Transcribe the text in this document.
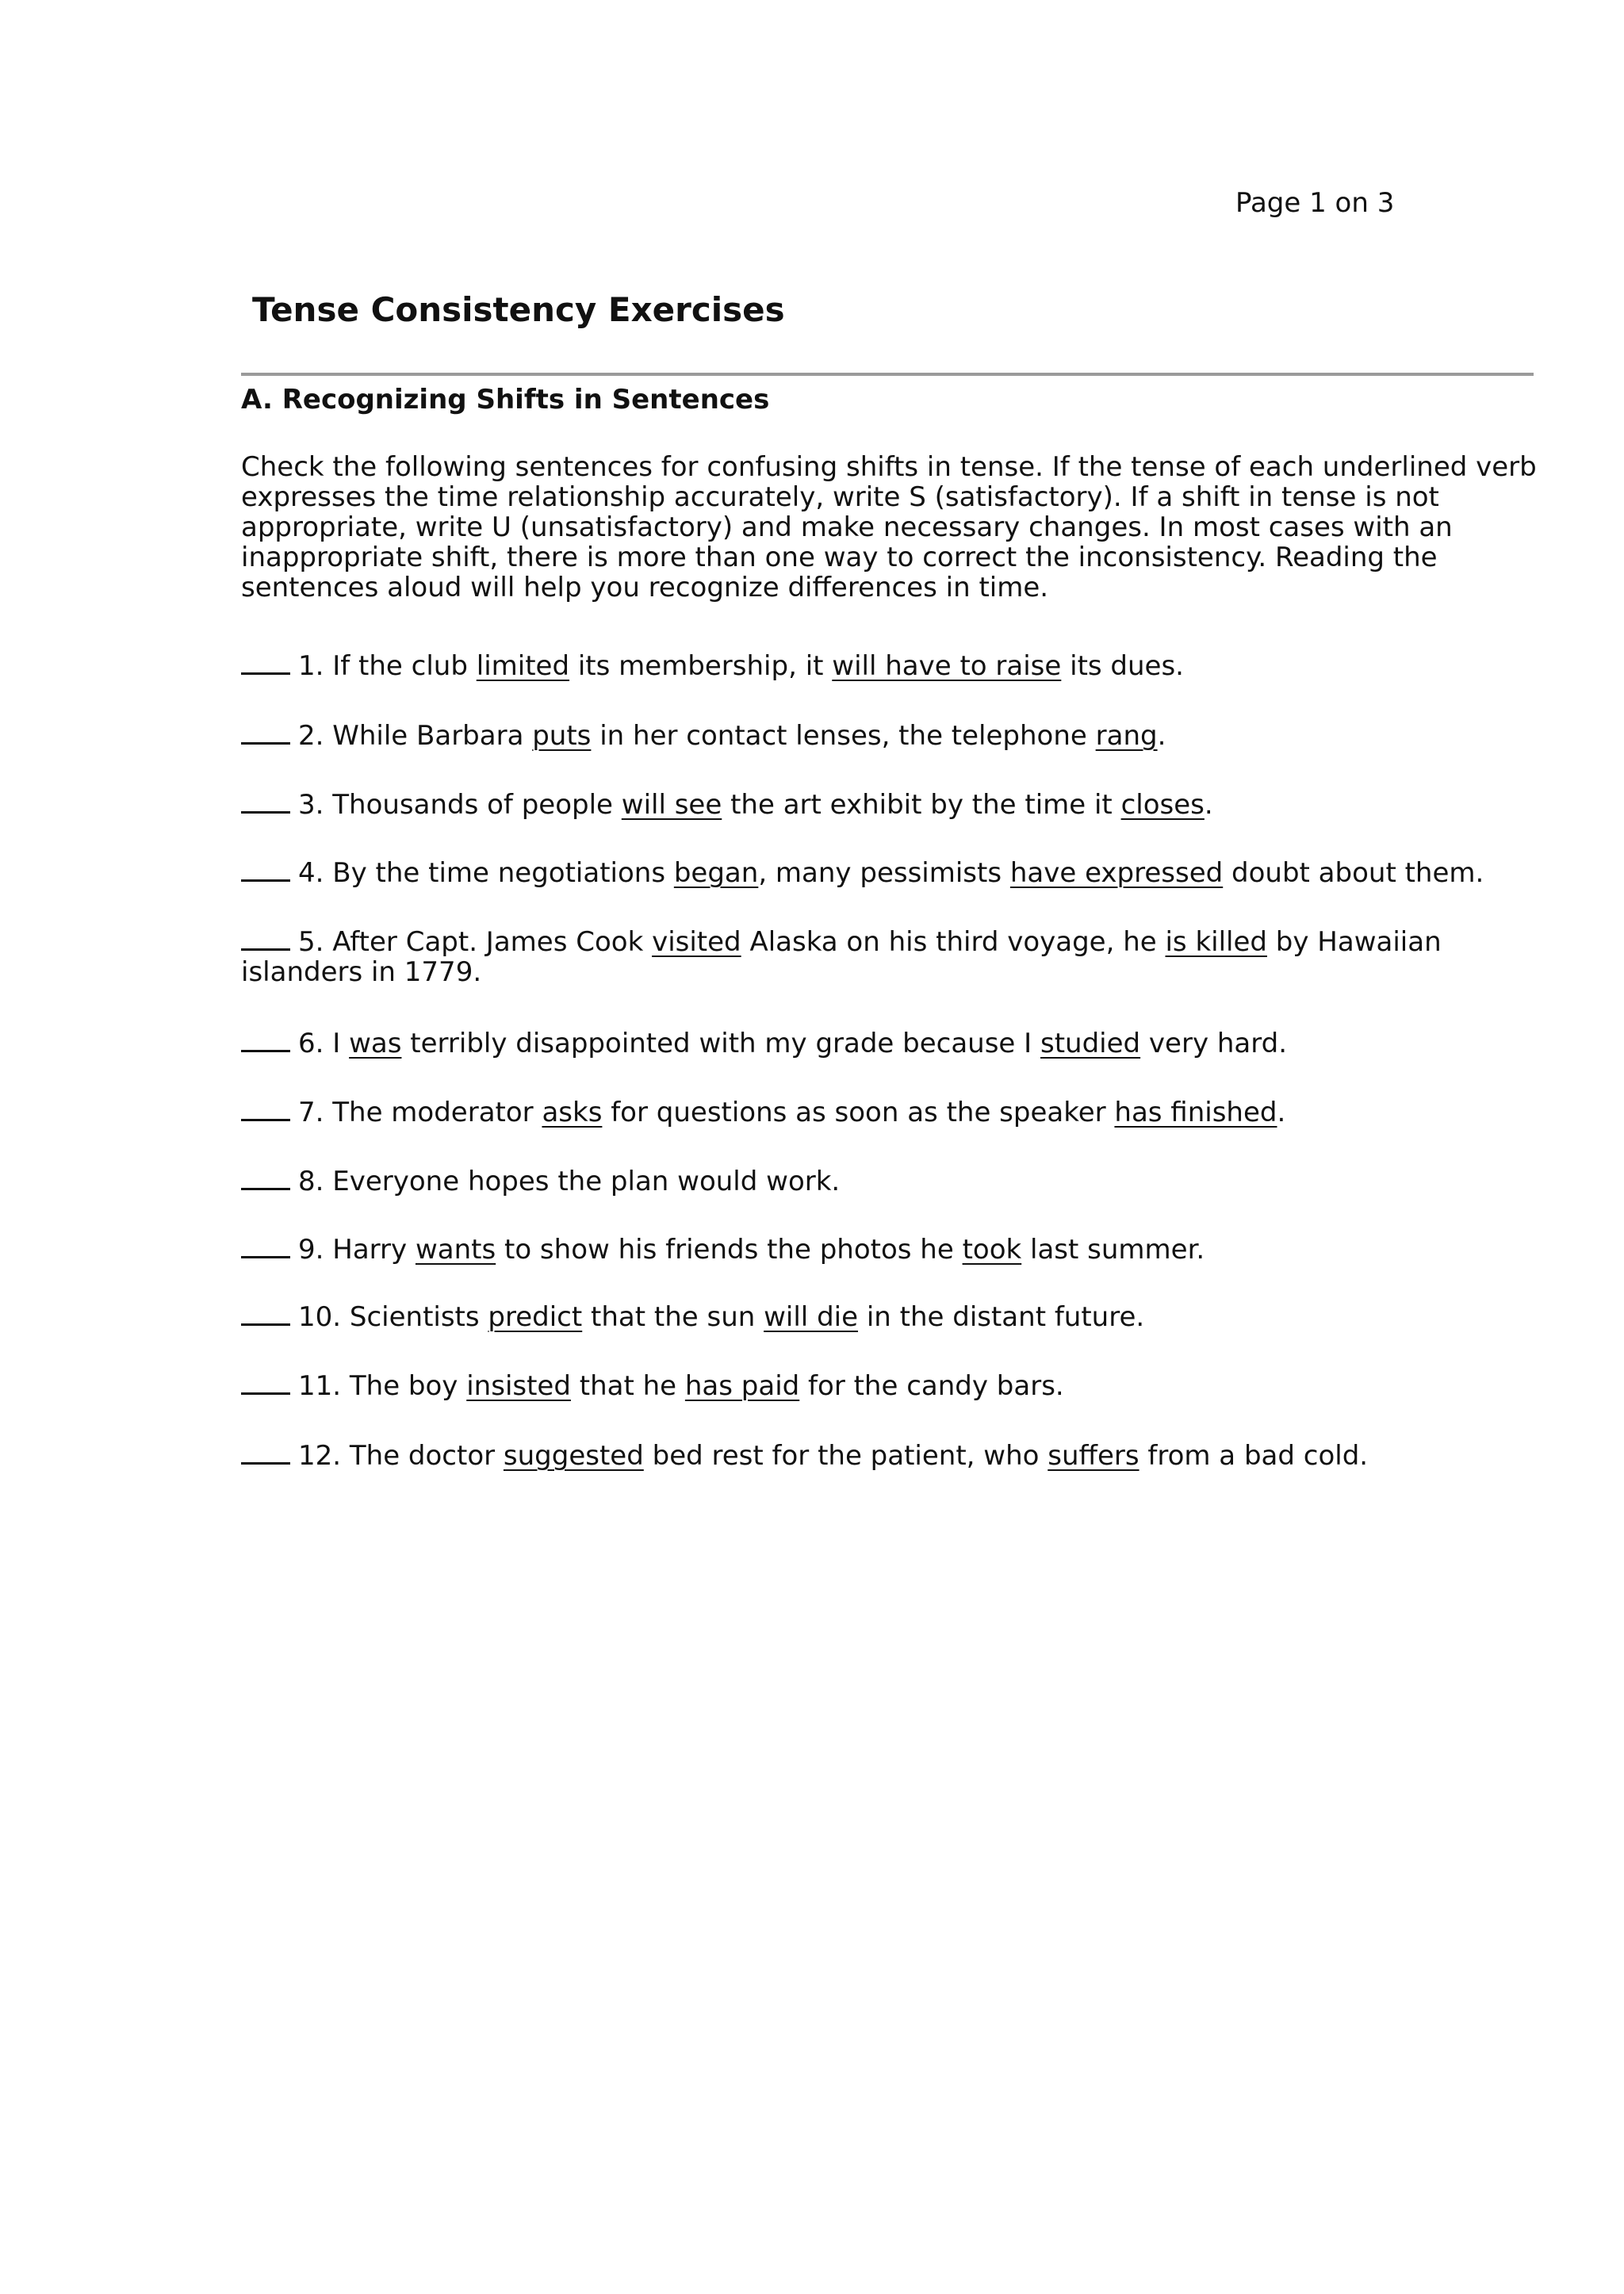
Page 1 on 3
Tense Consistency Exercises
A. Recognizing Shifts in Sentences

Check the following sentences for confusing shifts in tense. If the tense of each underlined verb expresses the time relationship accurately, write S (satisfactory). If a shift in tense is not appropriate, write U (unsatisfactory) and make necessary changes. In most cases with an inappropriate shift, there is more than one way to correct the inconsistency. Reading the sentences aloud will help you recognize differences in time.

1. If the club limited its membership, it will have to raise its dues.
2. While Barbara puts in her contact lenses, the telephone rang.
3. Thousands of people will see the art exhibit by the time it closes.
4. By the time negotiations began, many pessimists have expressed doubt about them.
5. After Capt. James Cook visited Alaska on his third voyage, he is killed by Hawaiian islanders in 1779.
6. I was terribly disappointed with my grade because I studied very hard.
7. The moderator asks for questions as soon as the speaker has finished.
8. Everyone hopes the plan would work.
9. Harry wants to show his friends the photos he took last summer.
10. Scientists predict that the sun will die in the distant future.
11. The boy insisted that he has paid for the candy bars.
12. The doctor suggested bed rest for the patient, who suffers from a bad cold.
